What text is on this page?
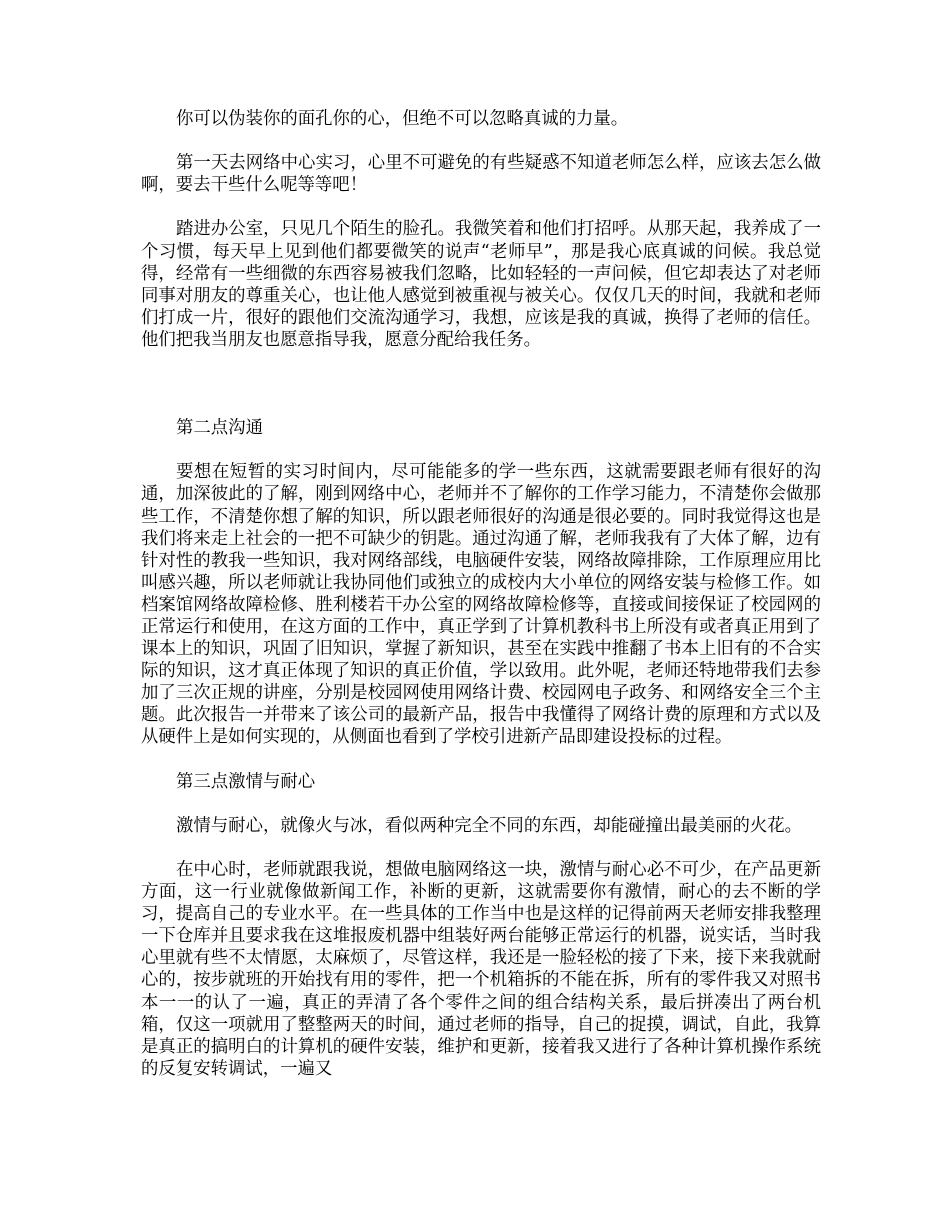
你可以伪装你的面孔你的心，但绝不可以忽略真诚的力量。

第一天去网络中心实习，心里不可避免的有些疑惑不知道老师怎么样，应该去怎么做啊，要去干些什么呢等等吧！

踏进办公室，只见几个陌生的脸孔。我微笑着和他们打招呼。从那天起，我养成了一个习惯，每天早上见到他们都要微笑的说声“老师早”，那是我心底真诚的问候。我总觉得，经常有一些细微的东西容易被我们忽略，比如轻轻的一声问候，但它却表达了对老师同事对朋友的尊重关心，也让他人感觉到被重视与被关心。仅仅几天的时间，我就和老师们打成一片，很好的跟他们交流沟通学习，我想，应该是我的真诚，换得了老师的信任。他们把我当朋友也愿意指导我，愿意分配给我任务。

第二点沟通

要想在短暂的实习时间内，尽可能能多的学一些东西，这就需要跟老师有很好的沟通，加深彼此的了解，刚到网络中心，老师并不了解你的工作学习能力，不清楚你会做那些工作，不清楚你想了解的知识，所以跟老师很好的沟通是很必要的。同时我觉得这也是我们将来走上社会的一把不可缺少的钥匙。通过沟通了解，老师我我有了大体了解，边有针对性的教我一些知识，我对网络部线，电脑硬件安装，网络故障排除，工作原理应用比叫感兴趣，所以老师就让我协同他们或独立的成校内大小单位的网络安装与检修工作。如档案馆网络故障检修、胜利楼若干办公室的网络故障检修等，直接或间接保证了校园网的正常运行和使用，在这方面的工作中，真正学到了计算机教科书上所没有或者真正用到了课本上的知识，巩固了旧知识，掌握了新知识，甚至在实践中推翻了书本上旧有的不合实际的知识，这才真正体现了知识的真正价值，学以致用。此外呢，老师还特地带我们去参加了三次正规的讲座，分别是校园网使用网络计费、校园网电子政务、和网络安全三个主题。此次报告一并带来了该公司的最新产品，报告中我懂得了网络计费的原理和方式以及从硬件上是如何实现的，从侧面也看到了学校引进新产品即建设投标的过程。

第三点激情与耐心

激情与耐心，就像火与冰，看似两种完全不同的东西，却能碰撞出最美丽的火花。

在中心时，老师就跟我说，想做电脑网络这一块，激情与耐心必不可少，在产品更新方面，这一行业就像做新闻工作，补断的更新，这就需要你有激情，耐心的去不断的学习，提高自己的专业水平。在一些具体的工作当中也是这样的记得前两天老师安排我整理一下仓库并且要求我在这堆报废机器中组装好两台能够正常运行的机器，说实话，当时我心里就有些不太情愿，太麻烦了，尽管这样，我还是一脸轻松的接了下来，接下来我就耐心的，按步就班的开始找有用的零件，把一个机箱拆的不能在拆，所有的零件我又对照书本一一的认了一遍，真正的弄清了各个零件之间的组合结构关系，最后拼凑出了两台机箱，仅这一项就用了整整两天的时间，通过老师的指导，自己的捉摸，调试，自此，我算是真正的搞明白的计算机的硬件安装，维护和更新，接着我又进行了各种计算机操作系统的反复安转调试，一遍又
